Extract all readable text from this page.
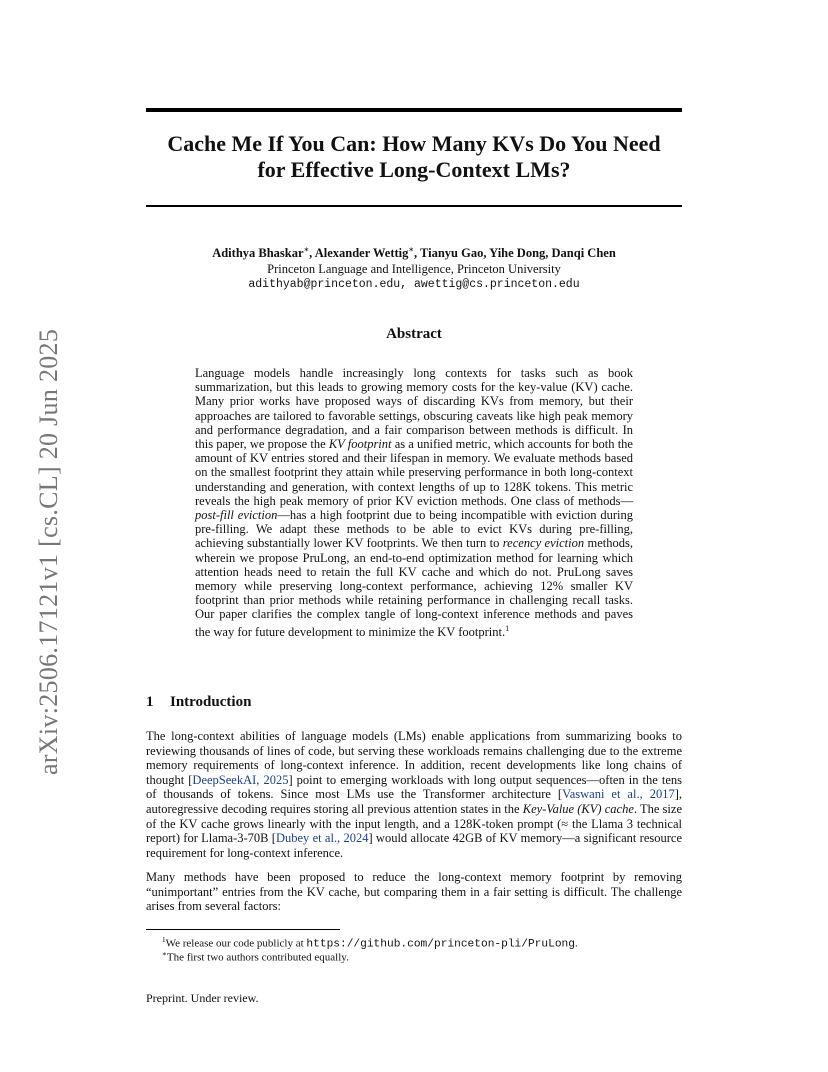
Cache Me If You Can: How Many KVs Do You Need
for Effective Long-Context LMs?
Adithya Bhaskar∗, Alexander Wettig∗, Tianyu Gao, Yihe Dong, Danqi Chen
Princeton Language and Intelligence, Princeton University
adithyab@princeton.edu, awettig@cs.princeton.edu
arXiv:2506.17121v1 [cs.CL] 20 Jun 2025	Abstract

Language models handle increasingly long contexts for tasks such as book summarization, but this leads to growing memory costs for the key-value (KV) cache. Many prior works have proposed ways of discarding KVs from memory, but their approaches are tailored to favorable settings, obscuring caveats like high peak memory and performance degradation, and a fair comparison between methods is difficult. In this paper, we propose the KV footprint as a unified metric, which accounts for both the amount of KV entries stored and their lifespan in memory. We evaluate methods based on the smallest footprint they attain while preserving performance in both long-context understanding and generation, with context lengths of up to 128K tokens. This metric reveals the high peak memory of prior KV eviction methods. One class of methods—post-fill eviction—has a high footprint due to being incompatible with eviction during pre-filling. We adapt these methods to be able to evict KVs during pre-filling, achieving substantially lower KV footprints. We then turn to recency eviction methods, wherein we propose PruLong, an end-to-end optimization method for learning which attention heads need to retain the full KV cache and which do not. PruLong saves memory while preserving long-context performance, achieving 12% smaller KV footprint than prior methods while retaining performance in challenging recall tasks. Our paper clarifies the complex tangle of long-context inference methods and paves the way for future development to minimize the KV footprint.$^1$

1 Introduction

The long-context abilities of language models (LMs) enable applications from summarizing books to reviewing thousands of lines of code, but serving these workloads remains challenging due to the extreme memory requirements of long-context inference. In addition, recent developments like long chains of thought [DeepSeekAI, 2025] point to emerging workloads with long output sequences—often in the tens of thousands of tokens. Since most LMs use the Transformer architecture [Vaswani et al., 2017], autoregressive decoding requires storing all previous attention states in the Key-Value (KV) cache. The size of the KV cache grows linearly with the input length, and a 128K-token prompt (≈ the Llama 3 technical report) for Llama-3-70B [Dubey et al., 2024] would allocate 42GB of KV memory—a significant resource requirement for long-context inference.

Many methods have been proposed to reduce the long-context memory footprint by removing “unimportant” entries from the KV cache, but comparing them in a fair setting is difficult. The challenge arises from several factors:

$^1$We release our code publicly at https://github.com/princeton-pli/PruLong.
∗The first two authors contributed equally.
Preprint. Under review.
